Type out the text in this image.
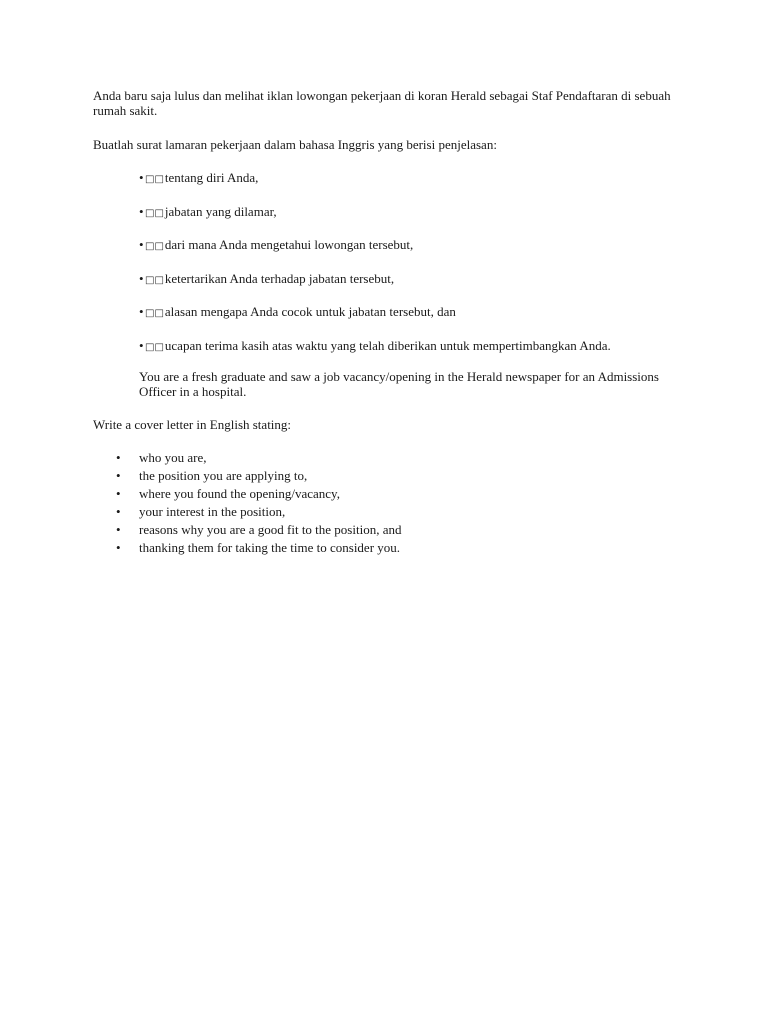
Anda baru saja lulus dan melihat iklan lowongan pekerjaan di koran Herald sebagai Staf Pendaftaran di sebuah rumah sakit.

Buatlah surat lamaran pekerjaan dalam bahasa Inggris yang berisi penjelasan:

•□□tentang diri Anda,
•□□jabatan yang dilamar,
•□□dari mana Anda mengetahui lowongan tersebut,
•□□ketertarikan Anda terhadap jabatan tersebut,
•□□alasan mengapa Anda cocok untuk jabatan tersebut, dan
•□□ucapan terima kasih atas waktu yang telah diberikan untuk mempertimbangkan Anda.

You are a fresh graduate and saw a job vacancy/opening in the Herald newspaper for an Admissions Officer in a hospital.

Write a cover letter in English stating:

• who you are,
• the position you are applying to,
• where you found the opening/vacancy,
• your interest in the position,
• reasons why you are a good fit to the position, and
• thanking them for taking the time to consider you.
